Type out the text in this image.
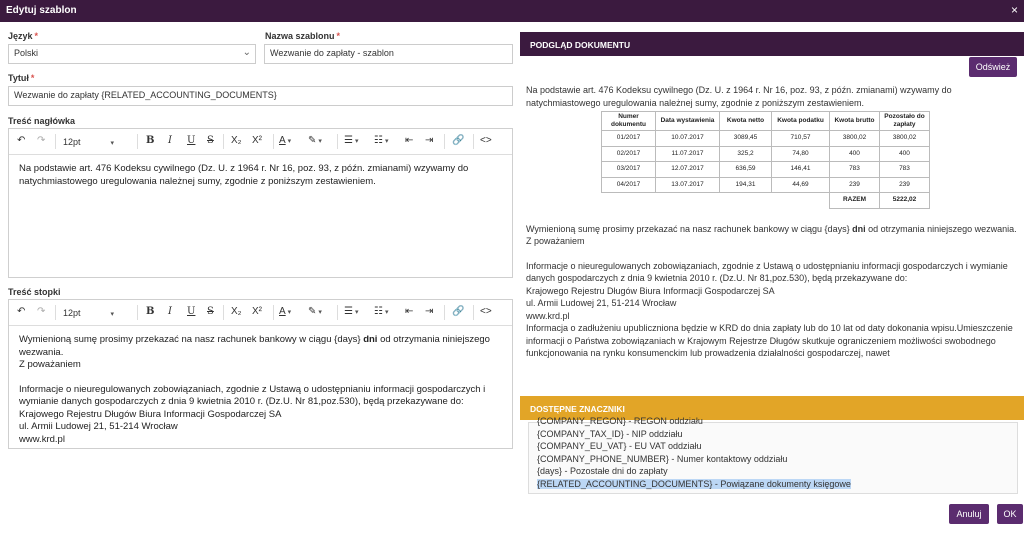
Edytuj szablon	×
Język *
Polski	⌄
Nazwa szablonu *
Wezwanie do zapłaty - szablon
Tytuł *
Wezwanie do zapłaty {RELATED_ACCOUNTING_DOCUMENTS}
Treść nagłówka
↶ ↷ 12pt	▾	B I U S X₂ X² A ▾ ✎ ▾ ☰ ▾ ☷ ▾ ⇤ ⇥ 🔗 <>

Na podstawie art. 476 Kodeksu cywilnego (Dz. U. z 1964 r. Nr 16, poz. 93, z późn. zmianami) wzywamy do natychmiastowego uregulowania należnej sumy, zgodnie z poniższym zestawieniem.

Treść stopki
↶ ↷ 12pt	▾	B I U S X₂ X² A ▾ ✎ ▾ ☰ ▾ ☷ ▾ ⇤ ⇥ 🔗 <>

Wymienioną sumę prosimy przekazać na nasz rachunek bankowy w ciągu {days} dni od otrzymania niniejszego wezwania.

Z poważaniem

Informacje o nieuregulowanych zobowiązaniach, zgodnie z Ustawą o udostępnianiu informacji gospodarczych i wymianie danych gospodarczych z dnia 9 kwietnia 2010 r. (Dz.U. Nr 81,poz.530), będą przekazywane do:

Krajowego Rejestru Długów Biura Informacji Gospodarczej SA

ul. Armii Ludowej 21, 51-214 Wrocław

www.krd.pl

PODGLĄD DOKUMENTU
Odśwież

Na podstawie art. 476 Kodeksu cywilnego (Dz. U. z 1964 r. Nr 16, poz. 93, z późn. zmianami) wzywamy do natychmiastowego uregulowania należnej sumy, zgodnie z poniższym zestawieniem.

Numer dokumentu	Data wystawienia	Kwota netto	Kwota podatku	Kwota brutto	Pozostało do zapłaty
01/2017	10.07.2017	3089,45	710,57	3800,02	3800,02
02/2017	11.07.2017	325,2	74,80	400	400
03/2017	12.07.2017	636,59	146,41	783	783
04/2017	13.07.2017	194,31	44,69	239	239
				RAZEM	5222,02

Wymienioną sumę prosimy przekazać na nasz rachunek bankowy w ciągu {days} dni od otrzymania niniejszego wezwania.

Z poważaniem

Informacje o nieuregulowanych zobowiązaniach, zgodnie z Ustawą o udostępnianiu informacji gospodarczych i wymianie danych gospodarczych z dnia 9 kwietnia 2010 r. (Dz.U. Nr 81,poz.530), będą przekazywane do:

Krajowego Rejestru Długów Biura Informacji Gospodarczej SA

ul. Armii Ludowej 21, 51-214 Wrocław

www.krd.pl

Informacja o zadłużeniu upubliczniona będzie w KRD do dnia zapłaty lub do 10 lat od daty dokonania wpisu.Umieszczenie informacji o Państwa zobowiązaniach w Krajowym Rejestrze Długów skutkuje ograniczeniem możliwości swobodnego funkcjonowania na rynku konsumenckim lub prowadzenia działalności gospodarczej, nawet

DOSTĘPNE ZNACZNIKI
{COMPANY_REGON} - REGON oddziału
{COMPANY_TAX_ID} - NIP oddziału
{COMPANY_EU_VAT} - EU VAT oddziału
{COMPANY_PHONE_NUMBER} - Numer kontaktowy oddziału
{days} - Pozostałe dni do zapłaty
{RELATED_ACCOUNTING_DOCUMENTS} - Powiązane dokumenty księgowe
Anuluj	OK
